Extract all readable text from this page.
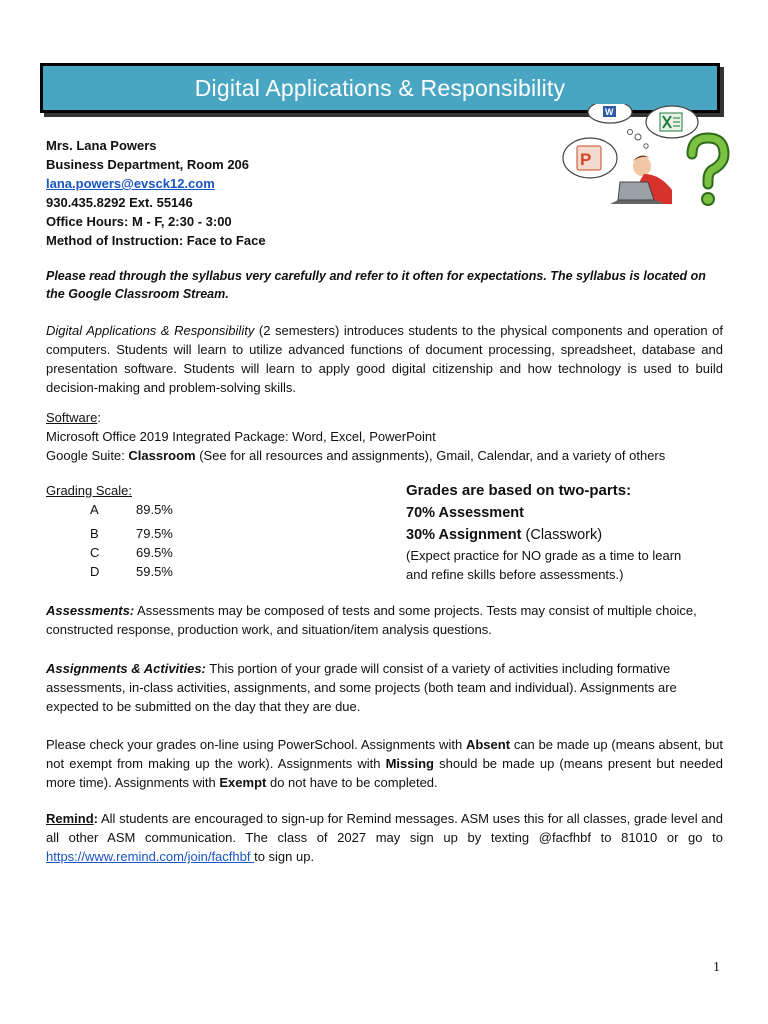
Digital Applications & Responsibility
Mrs. Lana Powers
Business Department, Room 206
lana.powers@evsck12.com
930.435.8292 Ext. 55146
Office Hours: M - F, 2:30 - 3:00
Method of Instruction: Face to Face
W
P
Please read through the syllabus very carefully and refer to it often for expectations. The syllabus is located on the Google Classroom Stream.
Digital Applications & Responsibility (2 semesters) introduces students to the physical components and operation of computers. Students will learn to utilize advanced functions of document processing, spreadsheet, database and presentation software. Students will learn to apply good digital citizenship and how technology is used to build decision-making and problem-solving skills.
Software:
Microsoft Office 2019 Integrated Package: Word, Excel, PowerPoint
Google Suite: Classroom (See for all resources and assignments), Gmail, Calendar, and a variety of others
Grading Scale:
A	89.5%
B	79.5%
C	69.5%
D	59.5%
Grades are based on two-parts:
70% Assessment
30% Assignment (Classwork)
(Expect practice for NO grade as a time to learn
and refine skills before assessments.)
Assessments: Assessments may be composed of tests and some projects. Tests may consist of multiple choice, constructed response, production work, and situation/item analysis questions.
Assignments & Activities: This portion of your grade will consist of a variety of activities including formative assessments, in-class activities, assignments, and some projects (both team and individual). Assignments are expected to be submitted on the day that they are due.
Please check your grades on-line using PowerSchool. Assignments with Absent can be made up (means absent, but not exempt from making up the work). Assignments with Missing should be made up (means present but needed more time). Assignments with Exempt do not have to be completed.
Remind: All students are encouraged to sign-up for Remind messages. ASM uses this for all classes, grade level and all other ASM communication. The class of 2027 may sign up by texting @facfhbf to 81010 or go to https://www.remind.com/join/facfhbf to sign up.
1
